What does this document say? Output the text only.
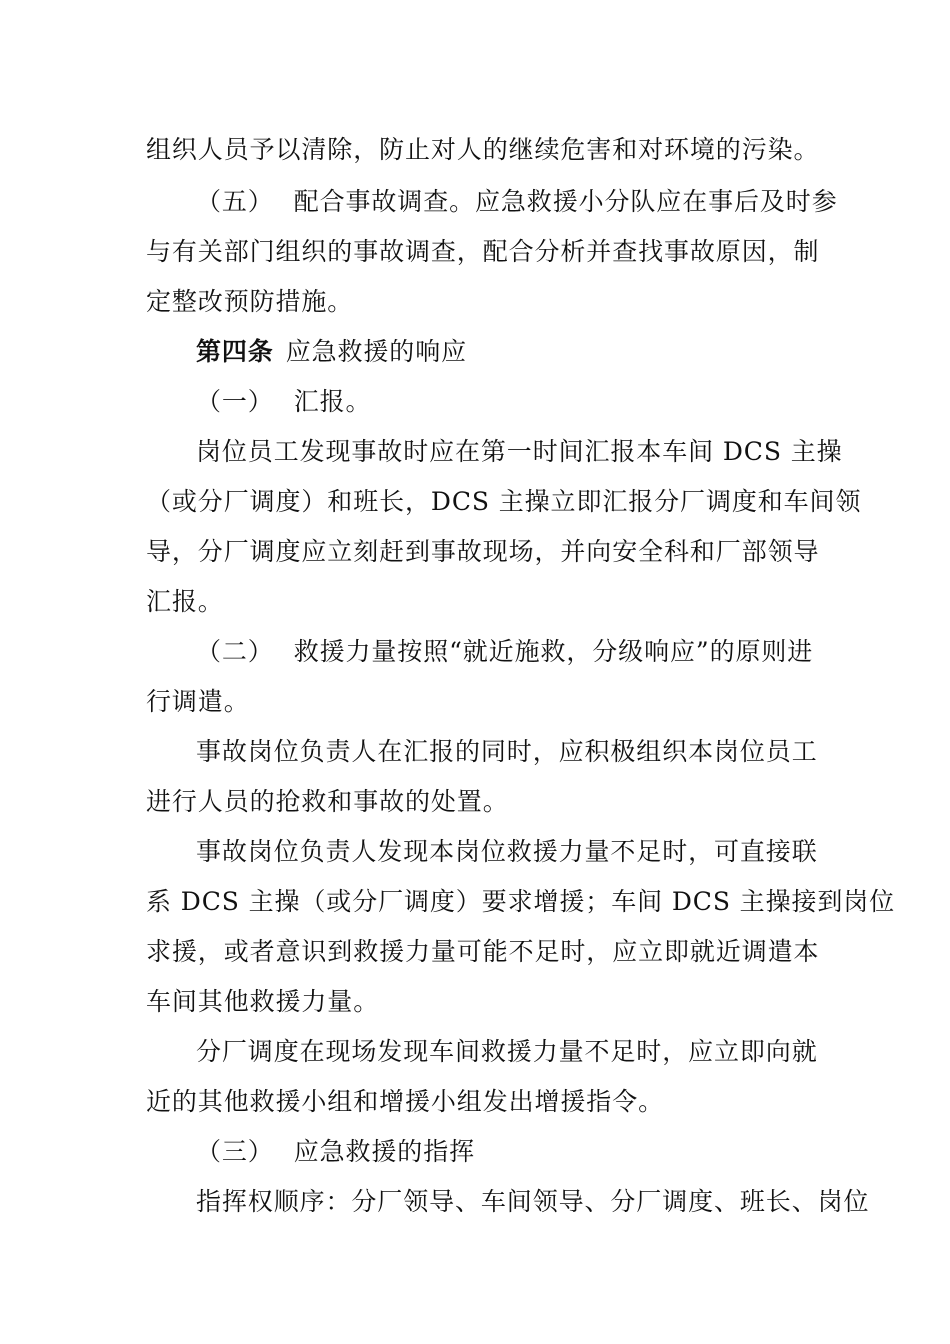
组织人员予以清除，防止对人的继续危害和对环境的污染。
（五） 配合事故调查。应急救援小分队应在事后及时参
与有关部门组织的事故调查，配合分析并查找事故原因，制
定整改预防措施。
第四条 应急救援的响应
（一） 汇报。
岗位员工发现事故时应在第一时间汇报本车间 DCS 主操
（或分厂调度）和班长，DCS 主操立即汇报分厂调度和车间领
导，分厂调度应立刻赶到事故现场，并向安全科和厂部领导
汇报。
（二） 救援力量按照“就近施救，分级响应”的原则进
行调遣。
事故岗位负责人在汇报的同时，应积极组织本岗位员工
进行人员的抢救和事故的处置。
事故岗位负责人发现本岗位救援力量不足时，可直接联
系 DCS 主操（或分厂调度）要求增援；车间 DCS 主操接到岗位
求援，或者意识到救援力量可能不足时，应立即就近调遣本
车间其他救援力量。
分厂调度在现场发现车间救援力量不足时，应立即向就
近的其他救援小组和增援小组发出增援指令。
（三） 应急救援的指挥
指挥权顺序：分厂领导、车间领导、分厂调度、班长、岗位
